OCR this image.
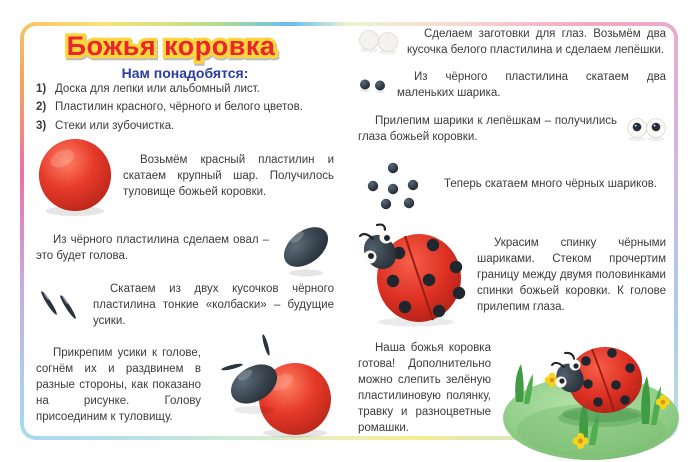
Божья коровка
Нам понадобятся:
1) Доска для лепки или альбомный лист.
2) Пластилин красного, чёрного и белого цветов.
3) Стеки или зубочистка.
Возьмём красный пластилин и скатаем крупный шар. Получилось туловище божьей коровки.
Из чёрного пластилина сделаем овал – это будет голова.
Скатаем из двух кусочков чёрного пластилина тонкие «колбаски» – будущие усики.
Прикрепим усики к голове, согнём их и раздвинем в разные стороны, как показано на рисунке. Голову присоединим к туловищу.
Сделаем заготовки для глаз. Возьмём два кусочка белого пластилина и сделаем лепёшки.
Из чёрного пластилина скатаем два маленьких шарика.
Прилепим шарики к лепёшкам – получились глаза божьей коровки.
Теперь скатаем много чёрных шариков.
Украсим спинку чёрными шариками. Стеком прочертим границу между двумя половинками спинки божьей коровки. К голове прилепим глаза.
Наша божья коровка готова! Дополнительно можно слепить зелёную пластилиновую полянку, травку и разноцветные ромашки.
